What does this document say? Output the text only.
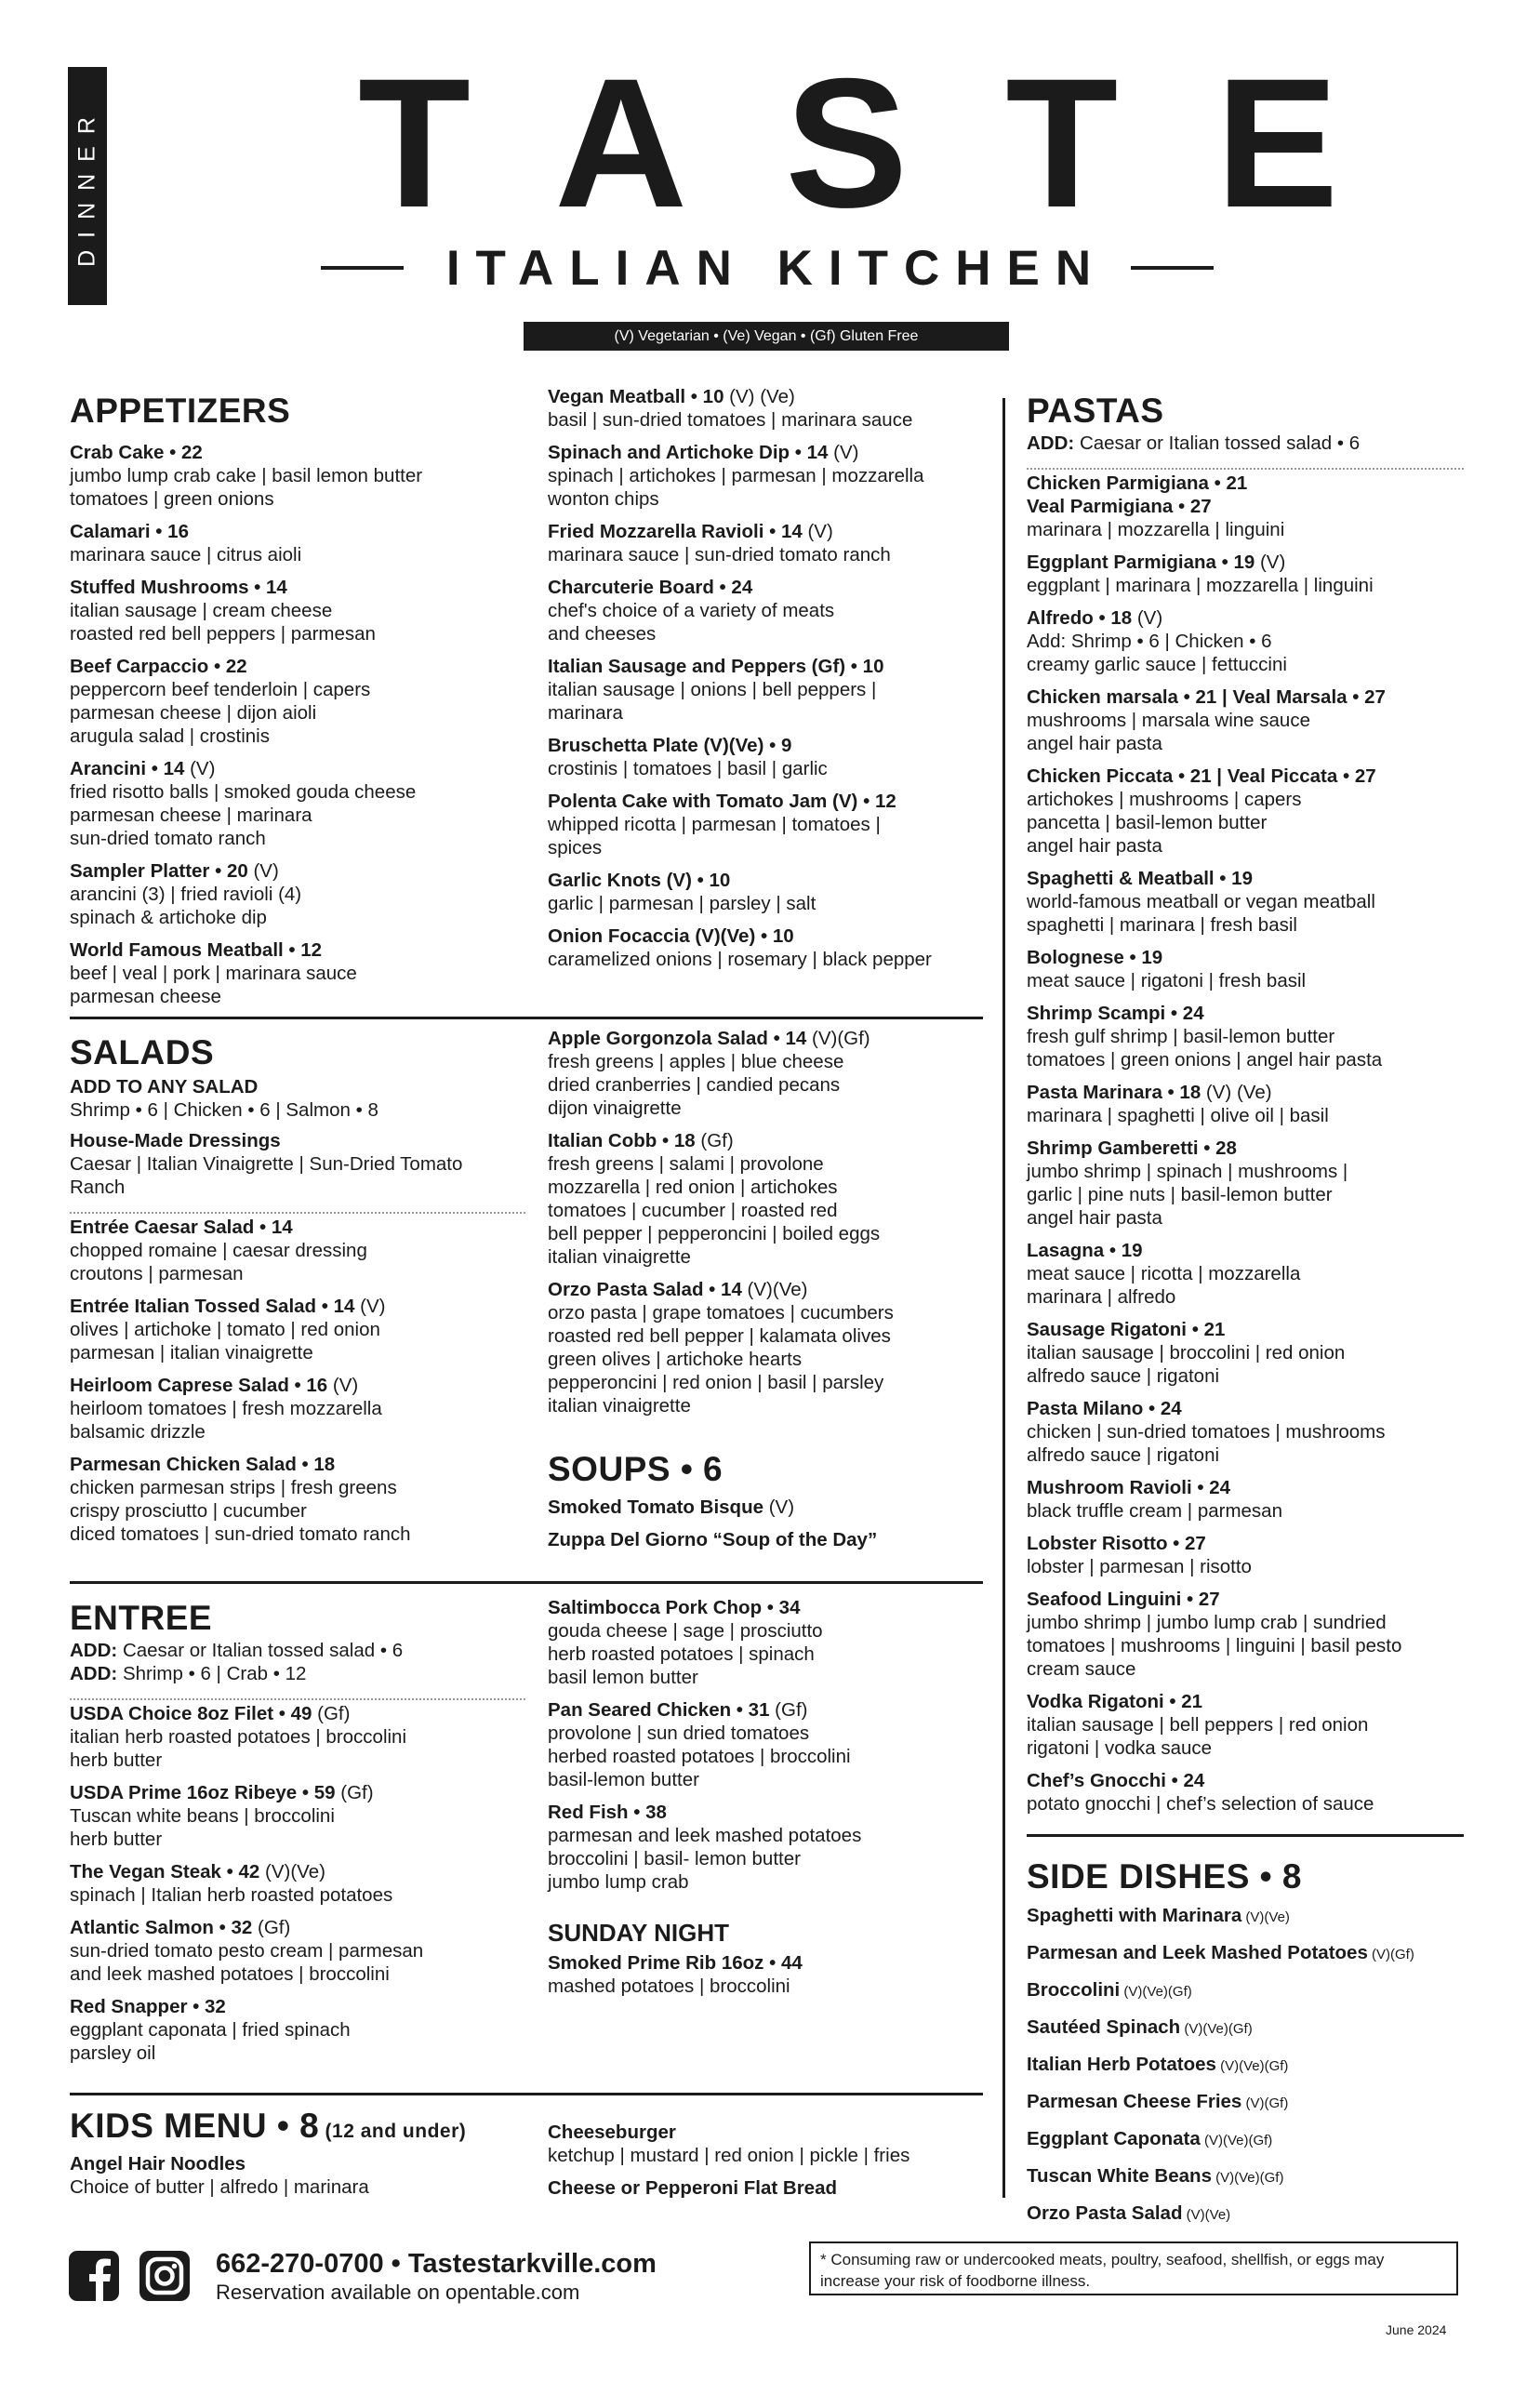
DINNER	TASTE
ITALIAN KITCHEN
(V) Vegetarian • (Ve) Vegan • (Gf) Gluten Free
APPETIZERS
Crab Cake • 22
jumbo lump crab cake | basil lemon butter
tomatoes | green onions
Calamari • 16
marinara sauce | citrus aioli
Stuffed Mushrooms • 14
italian sausage | cream cheese
roasted red bell peppers | parmesan
Beef Carpaccio • 22
peppercorn beef tenderloin | capers
parmesan cheese | dijon aioli
arugula salad | crostinis
Arancini • 14 (V)
fried risotto balls | smoked gouda cheese
parmesan cheese | marinara
sun-dried tomato ranch
Sampler Platter • 20 (V)
arancini (3) | fried ravioli (4)
spinach & artichoke dip
World Famous Meatball • 12
beef | veal | pork | marinara sauce
parmesan cheese
SALADS
ADD TO ANY SALAD
Shrimp • 6 | Chicken • 6 | Salmon • 8
House-Made Dressings
Caesar | Italian Vinaigrette | Sun-Dried Tomato
Ranch
Entrée Caesar Salad • 14
chopped romaine | caesar dressing
croutons | parmesan
Entrée Italian Tossed Salad • 14 (V)
olives | artichoke | tomato | red onion
parmesan | italian vinaigrette
Heirloom Caprese Salad • 16 (V)
heirloom tomatoes | fresh mozzarella
balsamic drizzle
Parmesan Chicken Salad • 18
chicken parmesan strips | fresh greens
crispy prosciutto | cucumber
diced tomatoes | sun-dried tomato ranch
ENTREE
ADD: Caesar or Italian tossed salad • 6
ADD: Shrimp • 6 | Crab • 12
USDA Choice 8oz Filet • 49 (Gf)
italian herb roasted potatoes | broccolini
herb butter
USDA Prime 16oz Ribeye • 59 (Gf)
Tuscan white beans | broccolini
herb butter
The Vegan Steak • 42 (V)(Ve)
spinach | Italian herb roasted potatoes
Atlantic Salmon • 32 (Gf)
sun-dried tomato pesto cream | parmesan
and leek mashed potatoes | broccolini
Red Snapper • 32
eggplant caponata | fried spinach
parsley oil
KIDS MENU • 8 (12 and under)
Angel Hair Noodles
Choice of butter | alfredo | marinara
Vegan Meatball • 10 (V) (Ve)
basil | sun-dried tomatoes | marinara sauce
Spinach and Artichoke Dip • 14 (V)
spinach | artichokes | parmesan | mozzarella
wonton chips
Fried Mozzarella Ravioli • 14 (V)
marinara sauce | sun-dried tomato ranch
Charcuterie Board • 24
chef's choice of a variety of meats
and cheeses
Italian Sausage and Peppers (Gf) • 10
italian sausage | onions | bell peppers |
marinara
Bruschetta Plate (V)(Ve) • 9
crostinis | tomatoes | basil | garlic
Polenta Cake with Tomato Jam (V) • 12
whipped ricotta | parmesan | tomatoes |
spices
Garlic Knots (V) • 10
garlic | parmesan | parsley | salt
Onion Focaccia (V)(Ve) • 10
caramelized onions | rosemary | black pepper
Apple Gorgonzola Salad • 14 (V)(Gf)
fresh greens | apples | blue cheese
dried cranberries | candied pecans
dijon vinaigrette
Italian Cobb • 18 (Gf)
fresh greens | salami | provolone
mozzarella | red onion | artichokes
tomatoes | cucumber | roasted red
bell pepper | pepperoncini | boiled eggs
italian vinaigrette
Orzo Pasta Salad • 14 (V)(Ve)
orzo pasta | grape tomatoes | cucumbers
roasted red bell pepper | kalamata olives
green olives | artichoke hearts
pepperoncini | red onion | basil | parsley
italian vinaigrette
SOUPS • 6
Smoked Tomato Bisque (V)
Zuppa Del Giorno “Soup of the Day”
Saltimbocca Pork Chop • 34
gouda cheese | sage | prosciutto
herb roasted potatoes | spinach
basil lemon butter
Pan Seared Chicken • 31 (Gf)
provolone | sun dried tomatoes
herbed roasted potatoes | broccolini
basil-lemon butter
Red Fish • 38
parmesan and leek mashed potatoes
broccolini | basil- lemon butter
jumbo lump crab
SUNDAY NIGHT
Smoked Prime Rib 16oz • 44
mashed potatoes | broccolini
Cheeseburger
ketchup | mustard | red onion | pickle | fries
Cheese or Pepperoni Flat Bread
PASTAS
ADD: Caesar or Italian tossed salad • 6
Chicken Parmigiana • 21
Veal Parmigiana • 27
marinara | mozzarella | linguini
Eggplant Parmigiana • 19 (V)
eggplant | marinara | mozzarella | linguini
Alfredo • 18 (V)
Add: Shrimp • 6 | Chicken • 6
creamy garlic sauce | fettuccini
Chicken marsala • 21 | Veal Marsala • 27
mushrooms | marsala wine sauce
angel hair pasta
Chicken Piccata • 21 | Veal Piccata • 27
artichokes | mushrooms | capers
pancetta | basil-lemon butter
angel hair pasta
Spaghetti & Meatball • 19
world-famous meatball or vegan meatball
spaghetti | marinara | fresh basil
Bolognese • 19
meat sauce | rigatoni | fresh basil
Shrimp Scampi • 24
fresh gulf shrimp | basil-lemon butter
tomatoes | green onions | angel hair pasta
Pasta Marinara • 18 (V) (Ve)
marinara | spaghetti | olive oil | basil
Shrimp Gamberetti • 28
jumbo shrimp | spinach | mushrooms |
garlic | pine nuts | basil-lemon butter
angel hair pasta
Lasagna • 19
meat sauce | ricotta | mozzarella
marinara | alfredo
Sausage Rigatoni • 21
italian sausage | broccolini | red onion
alfredo sauce | rigatoni
Pasta Milano • 24
chicken | sun-dried tomatoes | mushrooms
alfredo sauce | rigatoni
Mushroom Ravioli • 24
black truffle cream | parmesan
Lobster Risotto • 27
lobster | parmesan | risotto
Seafood Linguini • 27
jumbo shrimp | jumbo lump crab | sundried
tomatoes | mushrooms | linguini | basil pesto
cream sauce
Vodka Rigatoni • 21
italian sausage | bell peppers | red onion
rigatoni | vodka sauce
Chef’s Gnocchi • 24
potato gnocchi | chef’s selection of sauce
SIDE DISHES • 8
Spaghetti with Marinara (V)(Ve)
Parmesan and Leek Mashed Potatoes (V)(Gf)
Broccolini (V)(Ve)(Gf)
Sautéed Spinach (V)(Ve)(Gf)
Italian Herb Potatoes (V)(Ve)(Gf)
Parmesan Cheese Fries (V)(Gf)
Eggplant Caponata (V)(Ve)(Gf)
Tuscan White Beans (V)(Ve)(Gf)
Orzo Pasta Salad (V)(Ve)
662-270-0700 • Tastestarkville.com
Reservation available on opentable.com
* Consuming raw or undercooked meats, poultry, seafood, shellfish, or eggs may increase your risk of foodborne illness.
June 2024
